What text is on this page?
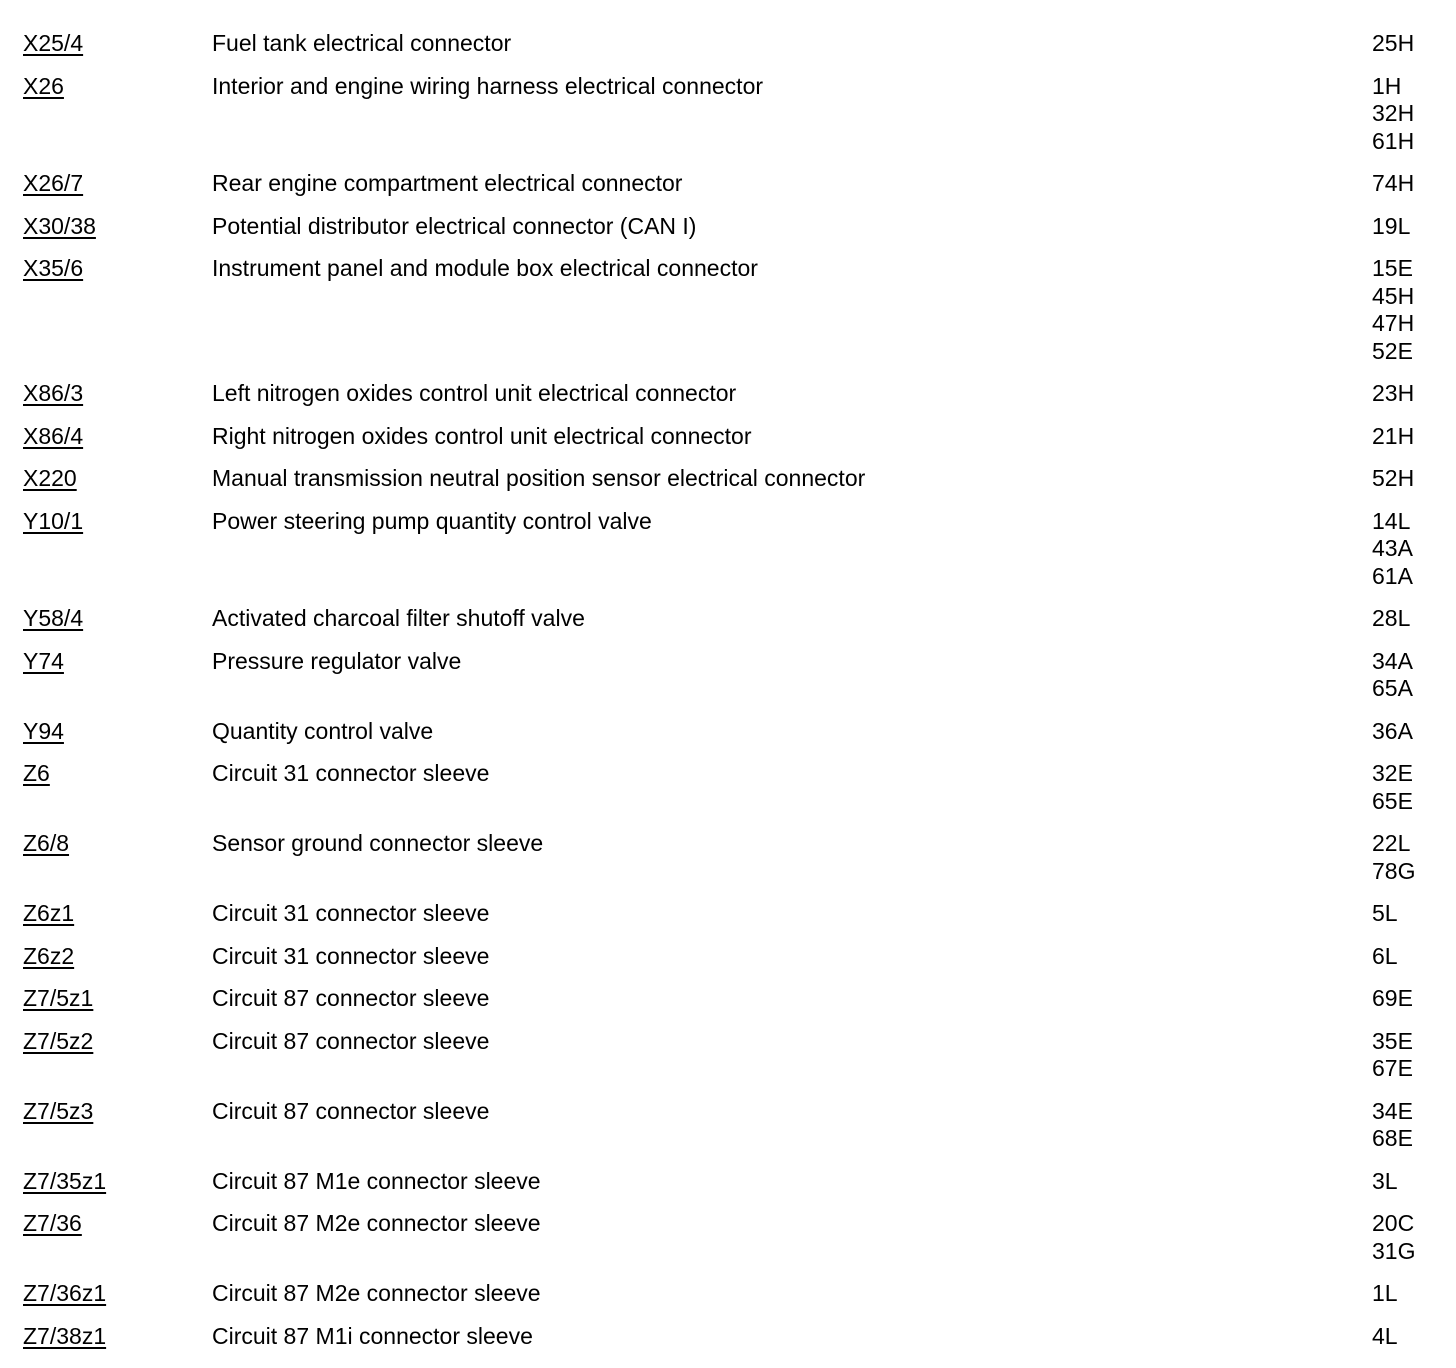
X25/4	Fuel tank electrical connector	25H
X26	Interior and engine wiring harness electrical connector	1H
32H
61H
X26/7	Rear engine compartment electrical connector	74H
X30/38	Potential distributor electrical connector (CAN I)	19L
X35/6	Instrument panel and module box electrical connector	15E
45H
47H
52E
X86/3	Left nitrogen oxides control unit electrical connector	23H
X86/4	Right nitrogen oxides control unit electrical connector	21H
X220	Manual transmission neutral position sensor electrical connector	52H
Y10/1	Power steering pump quantity control valve	14L
43A
61A
Y58/4	Activated charcoal filter shutoff valve	28L
Y74	Pressure regulator valve	34A
65A
Y94	Quantity control valve	36A
Z6	Circuit 31 connector sleeve	32E
65E
Z6/8	Sensor ground connector sleeve	22L
78G
Z6z1	Circuit 31 connector sleeve	5L
Z6z2	Circuit 31 connector sleeve	6L
Z7/5z1	Circuit 87 connector sleeve	69E
Z7/5z2	Circuit 87 connector sleeve	35E
67E
Z7/5z3	Circuit 87 connector sleeve	34E
68E
Z7/35z1	Circuit 87 M1e connector sleeve	3L
Z7/36	Circuit 87 M2e connector sleeve	20C
31G
Z7/36z1	Circuit 87 M2e connector sleeve	1L
Z7/38z1	Circuit 87 M1i connector sleeve	4L
